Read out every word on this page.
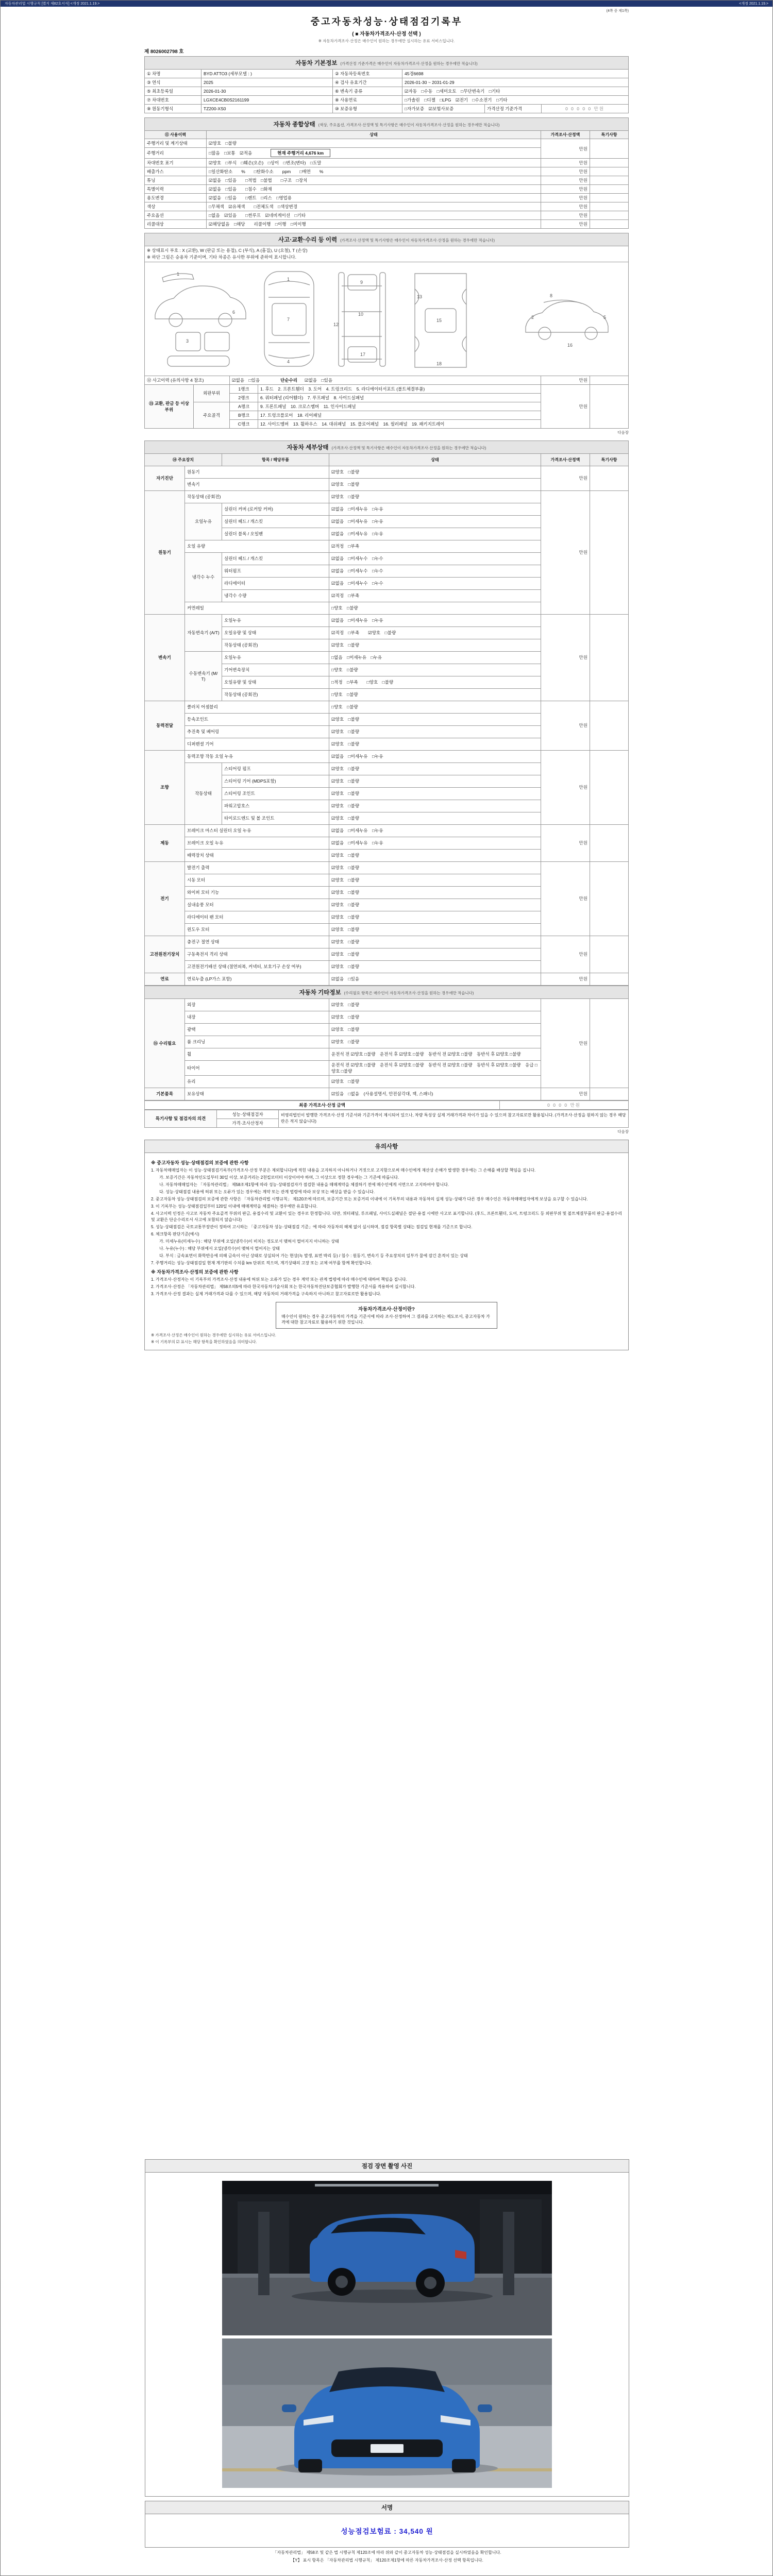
자동차관리법 시행규칙 [별지 제82호서식] <개정 2021.1.19.>	<개정 2021.1.19.>
(4쪽 중 제1쪽)
중고자동차성능·상태점검기록부
( ■ 자동차가격조사·산정 선택 )
※ 자동차가격조사·산정은 매수인이 원하는 경우에만 실시하는 유료 서비스입니다.
제 8026002798 호
자동차 기본정보 (가격산정 기준가격은 매수인이 자동차가격조사·산정을 원하는 경우에만 적습니다)					
① 차명	BYD ATTO3 (세부모델 : )	② 자동차등록번호	45경6698		
③ 연식	2025	④ 검사 유효기간	2026-01-30 ~ 2031-01-29		
⑤ 최초등록일	2026-01-30	⑥ 변속기 종류	☑자동 □수동 □세미오토 □무단변속기 □기타		
⑦ 차대번호	LGXCE4CB0S2161199	⑧ 사용연료	□가솔린 □디젤 □LPG ☑전기 □수소전기 □기타		
⑨ 원동기형식	TZ200-XS0	⑩ 보증유형	□자가보증 ☑보험사보증	가격산정 기준가격	0 0 0 0 0 만원
자동차 종합상태 (색상, 주요옵션, 가격조사·산정액 및 특기사항은 매수인이 자동차가격조사·산정을 원하는 경우에만 적습니다)			
⑪ 사용이력	상태	가격조사·산정액	특기사항
주행거리 및 계기상태	☑양호 □불량	만원	
주행거리	□많음 □보통 ☑적음 현재 주행거리 4,676 km		
차대번호 표기	☑양호 □부식 □훼손(오손) □상이 □변조(변타) □도말	만원	
배출가스	□일산화탄소    %  □탄화수소    ppm  □매연    %	만원	
튜닝	☑없음 □있음  □적법 □불법  □구조 □장치	만원	
특별이력	☑없음 □있음  □침수 □화재	만원	
용도변경	☑없음 □있음  □렌트 □리스 □영업용	만원	
색상	□무채색 ☑유채색  □전체도색 □색상변경	만원	
주요옵션	□없음 ☑있음  □썬루프 ☑네비게이션 □기타	만원	
리콜대상	☑해당없음 □해당  리콜이행 □이행 □미이행	만원	
사고·교환·수리 등 이력 (가격조사·산정액 및 특기사항은 매수인이 자동차가격조사·산정을 원하는 경우에만 적습니다)					

※ 상태표시 부호 : X (교환), W (판금 또는 용접), C (부식), A (흠집), U (요철), T (손상)
※ 하단 그림은 승용차 기준이며, 기타 차종은 유사한 부위에 준하여 표시합니다.					

1
3
6
1
7
4
9
10
12
17
13
15
18
8
2	5
16

⑫ 사고이력 (유의사항 4 참조)		☑없음 □있음 단순수리 ☑없음 □있음		만원	
⑬ 교환, 판금 등 이상 부위	외판부위	1랭크	1. 후드 2. 프론트휀더 3. 도어 4. 트렁크리드 5. 라디에이터서포트 (볼트체결부품)	만원	
		2랭크	6. 쿼터패널 (리어휀더) 7. 루프패널 8. 사이드실패널		
	주요골격	A랭크	9. 프론트패널 10. 크로스멤버 11. 인사이드패널		
		B랭크	17. 트렁크플로어 18. 리어패널		
		C랭크	12. 사이드멤버 13. 휠하우스 14. 대쉬패널 15. 플로어패널 16. 필러패널 19. 패키지트레이		
다음장
자동차 세부상태 (가격조사·산정액 및 특기사항은 매수인이 자동차가격조사·산정을 원하는 경우에만 적습니다)					
⑭ 주요장치		항목 / 해당부품	상태	가격조사·산정액	특기사항
자기진단	원동기		☑양호 □불량	만원	
	변속기		☑양호 □불량		
원동기	작동상태 (공회전)		☑양호 □불량	만원	
	오일누유	실린더 커버 (로커암 커버)	☑없음 □미세누유 □누유		
		실린더 헤드 / 개스킷	☑없음 □미세누유 □누유		
		실린더 블록 / 오일팬	☑없음 □미세누유 □누유		
	오일 유량		☑적정 □부족		
	냉각수 누수	실린더 헤드 / 개스킷	☑없음 □미세누수 □누수		
		워터펌프	☑없음 □미세누수 □누수		
		라디에이터	☑없음 □미세누수 □누수		
		냉각수 수량	☑적정 □부족		
	커먼레일		□양호 □불량		
변속기	자동변속기 (A/T)	오일누유	☑없음 □미세누유 □누유	만원	
		오일유량 및 상태	☑적정 □부족  ☑양호 □불량		
		작동상태 (공회전)	☑양호 □불량		
	수동변속기 (M/T)	오일누유	□없음 □미세누유 □누유		
		기어변속장치	□양호 □불량		
		오일유량 및 상태	□적정 □부족  □양호 □불량		
		작동상태 (공회전)	□양호 □불량		
동력전달	클러치 어셈블리		□양호 □불량	만원	
	등속조인트		☑양호 □불량		
	추진축 및 베어링		☑양호 □불량		
	디퍼렌셜 기어		☑양호 □불량		
조향	동력조향 작동 오일 누유		☑없음 □미세누유 □누유	만원	
	작동상태	스티어링 펌프	☑양호 □불량		
		스티어링 기어 (MDPS포함)	☑양호 □불량		
		스티어링 조인트	☑양호 □불량		
		파워고압호스	☑양호 □불량		
		타이로드엔드 및 볼 조인트	☑양호 □불량		
제동	브레이크 마스터 실린더 오일 누유		☑없음 □미세누유 □누유	만원	
	브레이크 오일 누유		☑없음 □미세누유 □누유		
	배력장치 상태		☑양호 □불량		
전기	발전기 출력		☑양호 □불량	만원	
	시동 모터		☑양호 □불량		
	와이퍼 모터 기능		☑양호 □불량		
	실내송풍 모터		☑양호 □불량		
	라디에이터 팬 모터		☑양호 □불량		
	윈도우 모터		☑양호 □불량		
고전원전기장치	충전구 절연 상태		☑양호 □불량	만원	
	구동축전지 격리 상태		☑양호 □불량		
	고전원전기배선 상태 (절연피복, 커넥터, 보호기구 손상 여부)		☑양호 □불량		
연료	연료누출 (LP가스 포함)		☑없음 □있음	만원	
자동차 기타정보 (수리필요 항목은 매수인이 자동차가격조사·산정을 원하는 경우에만 적습니다)				
⑮ 수리필요	외장	☑양호 □불량	만원	
	내장	☑양호 □불량		
	광택	☑양호 □불량		
	룸 크리닝	☑양호 □불량		
	휠	운전석 전 ☑양호 □불량 운전석 후 ☑양호 □불량 동반석 전 ☑양호 □불량 동반석 후 ☑양호 □불량		
	타이어	운전석 전 ☑양호 □불량 운전석 후 ☑양호 □불량 동반석 전 ☑양호 □불량 동반석 후 ☑양호 □불량 응급 □양호 □불량		
	유리	☑양호 □불량		
기본품목	보유상태	☑있음 □없음 (사용설명서, 안전삼각대, 잭, 스패너)	만원	
최종 가격조사·산정 금액	0 0 0 0 만원
특기사항 및 점검자의 의견	성능·상태점검자	비영리법인이 발행한 가격조사·산정 기준서와 기준가격이 제시되어 있으나, 차량 특성상 실제 거래가격과 차이가 있을 수 있으며 참고자료로만 활용됩니다. (가격조사·산정을 원하지 않는 경우 해당란은 적지 않습니다)
가격·조사산정자
다음장
유의사항

※ 중고자동차 성능·상태점검의 보증에 관한 사항

1. 자동차매매업자는 이 성능·상태점검기록부(가격조사·산정 부분은 제외합니다)에 적힌 내용을 고지하지 아니하거나 거짓으로 고지함으로써 매수인에게 재산상 손해가 발생한 경우에는 그 손해를 배상할 책임을 집니다.

가. 보증기간은 자동차인도일부터 30일 이상, 보증거리는 2천킬로미터 이상이어야 하며, 그 이상으로 정한 경우에는 그 기준에 따릅니다.

나. 자동차매매업자는 「자동차관리법」 제58조제1항에 따라 성능·상태점검자가 점검한 내용을 매매계약을 체결하기 전에 매수인에게 서면으로 고지하여야 합니다.

다. 성능·상태점검 내용에 허위 또는 오류가 있는 경우에는 계약 또는 관계 법령에 따라 보상 또는 배상을 받을 수 있습니다.

2. 중고자동차 성능·상태점검의 보증에 관한 사항은 「자동차관리법 시행규칙」 제120조에 따르며, 보증기간 또는 보증거리 이내에 이 기록부의 내용과 자동차의 실제 성능·상태가 다른 경우 매수인은 자동차매매업자에게 보상을 요구할 수 있습니다.

3. 이 기록부는 성능·상태점검일부터 120일 이내에 매매계약을 체결하는 경우에만 유효합니다.

4. 사고이력 인정은 사고로 자동차 주요골격 부위의 판금, 용접수리 및 교환이 있는 경우로 한정합니다. 다만, 쿼터패널, 루프패널, 사이드실패널은 절단·용접 시에만 사고로 표기합니다. (후드, 프론트휀더, 도어, 트렁크리드 등 외판부위 및 볼트체결부품의 판금·용접수리 및 교환은 단순수리로서 사고에 포함되지 않습니다)

5. 성능·상태점검은 국토교통부장관이 정하여 고시하는 「중고자동차 성능·상태점검 기준」에 따라 자동차의 해체 없이 실시하며, 점검 항목별 상태는 점검일 현재를 기준으로 합니다.

6. 체크항목 판단기준(예시)

가. 미세누유(미세누수) : 해당 부위에 오일(냉각수)이 비치는 정도로서 맺혀서 떨어지지 아니하는 상태

나. 누유(누수) : 해당 부위에서 오일(냉각수)이 맺혀서 떨어지는 상태

다. 부식 : 금속표면이 화학반응에 의해 금속이 아닌 상태로 상실되어 가는 현상(녹 발생, 표면 박리 등) / 침수 : 원동기, 변속기 등 주요장치의 일부가 물에 잠긴 흔적이 있는 상태

7. 주행거리는 성능·상태점검일 현재 계기판의 수치를 km 단위로 적으며, 계기상태의 고장 또는 교체 여부를 함께 확인합니다.

※ 자동차가격조사·산정의 보증에 관한 사항

1. 가격조사·산정자는 이 기록부의 가격조사·산정 내용에 허위 또는 오류가 있는 경우 계약 또는 관계 법령에 따라 매수인에 대하여 책임을 집니다.

2. 가격조사·산정은 「자동차관리법」 제58조의5에 따라 한국자동차기술사회 또는 한국자동차진단보증협회가 발행한 기준서를 적용하여 실시합니다.

3. 가격조사·산정 결과는 실제 거래가격과 다를 수 있으며, 해당 자동차의 거래가격을 구속하지 아니하고 참고자료로만 활용됩니다.

자동차가격조사·산정이란?
매수인이 원하는 경우 중고자동차의 가격을 기준서에 따라 조사·산정하여 그 결과를 고지하는 제도로서, 중고자동차 가격에 대한 참고자료로 활용하기 위한 것입니다.

※ 가격조사·산정은 매수인이 원하는 경우에만 실시하는 유료 서비스입니다.

※ 이 기록부의 ☑ 표시는 해당 항목을 확인하였음을 의미합니다.

점검 장면 촬영 사진
서명
성능점검보험료 : 34,540 원

「자동차관리법」 제58조 및 같은 법 시행규칙 제120조에 따라 위와 같이 중고자동차 성능·상태점검을 실시하였음을 확인합니다.

【Y】 표시 항목은 「자동차관리법 시행규칙」 제120조제1항에 따른 자동차가격조사·산정 선택 항목입니다.
